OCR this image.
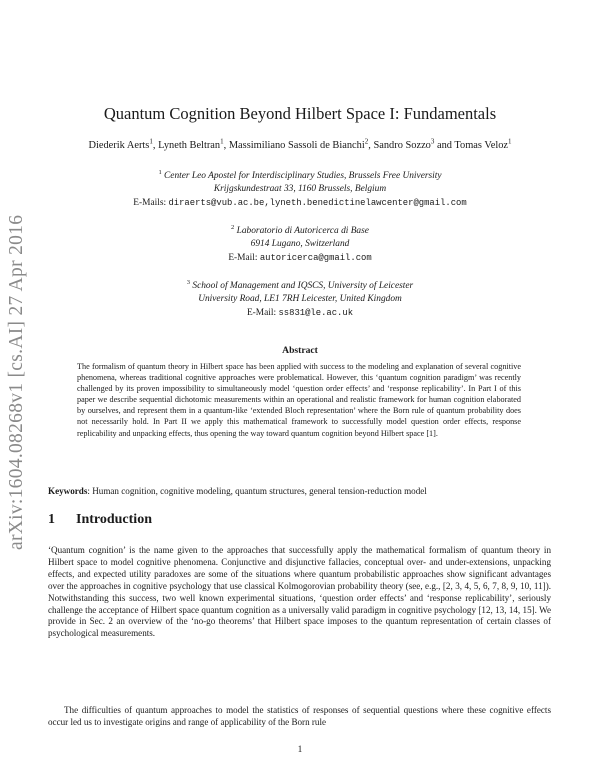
arXiv:1604.08268v1 [cs.AI] 27 Apr 2016
Quantum Cognition Beyond Hilbert Space I: Fundamentals
Diederik Aerts$^1$, Lyneth Beltran$^1$, Massimiliano Sassoli de Bianchi$^2$, Sandro Sozzo$^3$ and Tomas Veloz$^1$
$^1$ Center Leo Apostel for Interdisciplinary Studies, Brussels Free University
Krijgskundestraat 33, 1160 Brussels, Belgium
E-Mails: diraerts@vub.ac.be,lyneth.benedictinelawcenter@gmail.com
$^2$ Laboratorio di Autoricerca di Base
6914 Lugano, Switzerland
E-Mail: autoricerca@gmail.com
$^3$ School of Management and IQSCS, University of Leicester
University Road, LE1 7RH Leicester, United Kingdom
E-Mail: ss831@le.ac.uk
Abstract
The formalism of quantum theory in Hilbert space has been applied with success to the modeling and explanation of several cognitive phenomena, whereas traditional cognitive approaches were problematical. However, this ‘quantum cognition paradigm’ was recently challenged by its proven impossibility to simultaneously model ‘question order effects’ and ‘response replicability’. In Part I of this paper we describe sequential dichotomic measurements within an operational and realistic framework for human cognition elaborated by ourselves, and represent them in a quantum-like ‘extended Bloch representation’ where the Born rule of quantum probability does not necessarily hold. In Part II we apply this mathematical framework to successfully model question order effects, response replicability and unpacking effects, thus opening the way toward quantum cognition beyond Hilbert space [1].
Keywords: Human cognition, cognitive modeling, quantum structures, general tension-reduction model
1 Introduction
‘Quantum cognition’ is the name given to the approaches that successfully apply the mathematical formalism of quantum theory in Hilbert space to model cognitive phenomena. Conjunctive and disjunctive fallacies, conceptual over- and under-extensions, unpacking effects, and expected utility paradoxes are some of the situations where quantum probabilistic approaches show significant advantages over the approaches in cognitive psychology that use classical Kolmogorovian probability theory (see, e.g., [2, 3, 4, 5, 6, 7, 8, 9, 10, 11]). Notwithstanding this success, two well known experimental situations, ‘question order effects’ and ‘response replicability’, seriously challenge the acceptance of Hilbert space quantum cognition as a universally valid paradigm in cognitive psychology [12, 13, 14, 15]. We provide in Sec. 2 an overview of the ‘no-go theorems’ that Hilbert space imposes to the quantum representation of certain classes of psychological measurements.
The difficulties of quantum approaches to model the statistics of responses of sequential questions where these cognitive effects occur led us to investigate origins and range of applicability of the Born rule
1
